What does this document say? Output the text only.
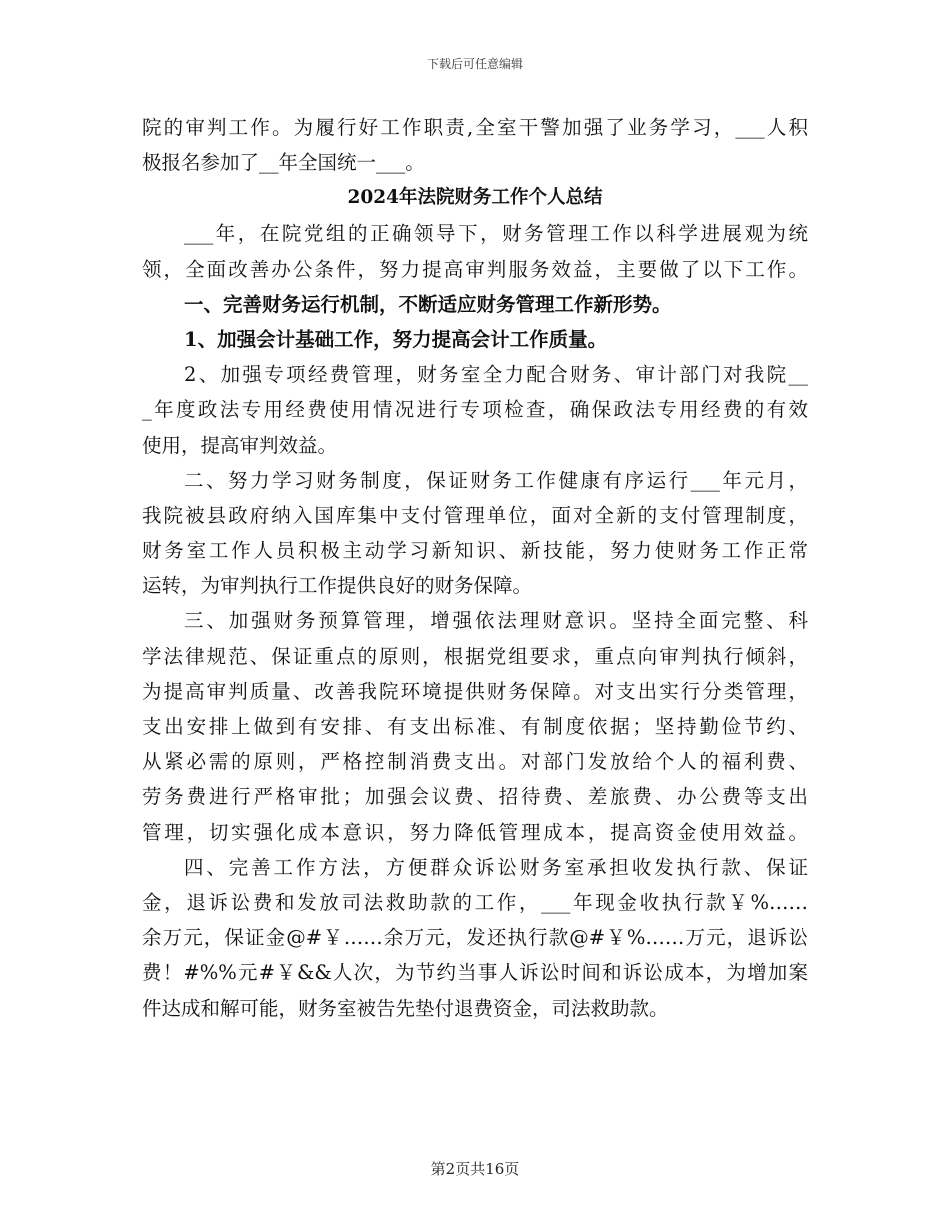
下载后可任意编辑
院的审判工作。为履行好工作职责,全室干警加强了业务学习，___人积
极报名参加了__年全国统一___。
2024年法院财务工作个人总结
___年，在院党组的正确领导下，财务管理工作以科学进展观为统
领，全面改善办公条件，努力提高审判服务效益，主要做了以下工作。
一、完善财务运行机制，不断适应财务管理工作新形势。
1、加强会计基础工作，努力提高会计工作质量。
2、加强专项经费管理，财务室全力配合财务、审计部门对我院__
_年度政法专用经费使用情况进行专项检查，确保政法专用经费的有效
使用，提高审判效益。
二、努力学习财务制度，保证财务工作健康有序运行___年元月，
我院被县政府纳入国库集中支付管理单位，面对全新的支付管理制度，
财务室工作人员积极主动学习新知识、新技能，努力使财务工作正常
运转，为审判执行工作提供良好的财务保障。
三、加强财务预算管理，增强依法理财意识。坚持全面完整、科
学法律规范、保证重点的原则，根据党组要求，重点向审判执行倾斜，
为提高审判质量、改善我院环境提供财务保障。对支出实行分类管理，
支出安排上做到有安排、有支出标准、有制度依据；坚持勤俭节约、
从紧必需的原则，严格控制消费支出。对部门发放给个人的福利费、
劳务费进行严格审批；加强会议费、招待费、差旅费、办公费等支出
管理，切实强化成本意识，努力降低管理成本，提高资金使用效益。
四、完善工作方法，方便群众诉讼财务室承担收发执行款、保证
金，退诉讼费和发放司法救助款的工作，___年现金收执行款￥%……
余万元，保证金@#￥……余万元，发还执行款@#￥%……万元，退诉讼
费！#%%元#￥&&人次，为节约当事人诉讼时间和诉讼成本，为增加案
件达成和解可能，财务室被告先垫付退费资金，司法救助款。
第2页共16页
